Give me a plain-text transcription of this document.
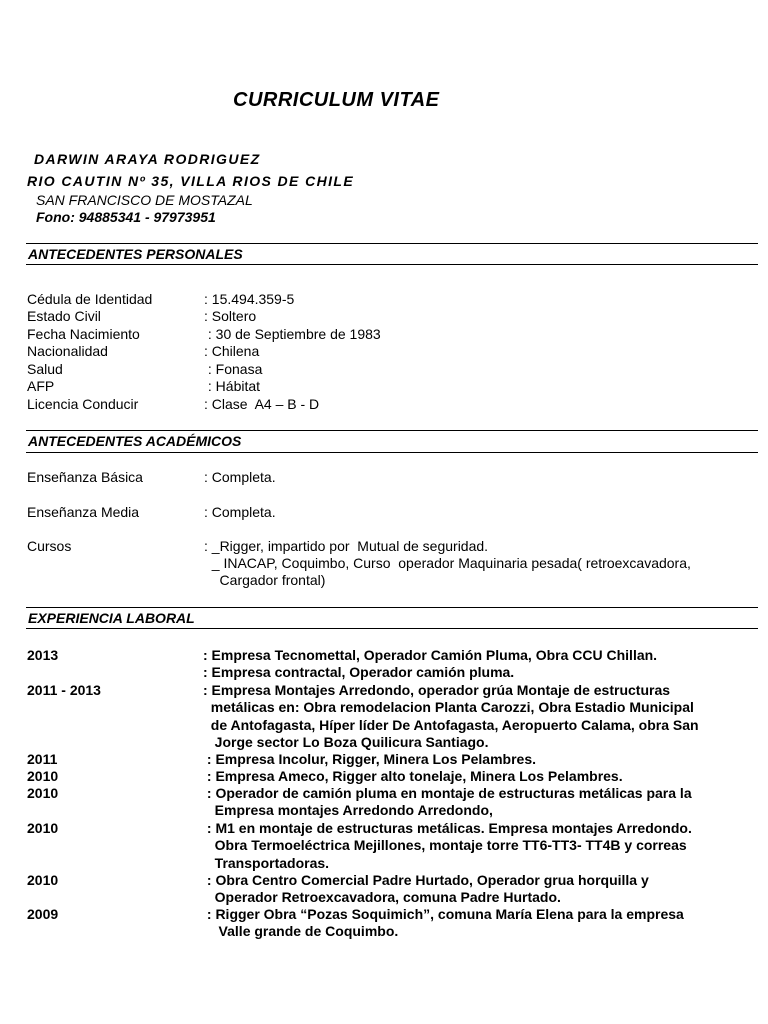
CURRICULUM VITAE
DARWIN ARAYA RODRIGUEZ
RIO CAUTIN Nº 35, VILLA RIOS DE CHILE
SAN FRANCISCO DE MOSTAZAL
Fono: 94885341 - 97973951
ANTECEDENTES PERSONALES
Cédula de Identidad	: 15.494.359-5
Estado Civil	: Soltero
Fecha Nacimiento	: 30 de Septiembre de 1983
Nacionalidad	: Chilena
Salud	: Fonasa
AFP	: Hábitat
Licencia Conducir	: Clase  A4 – B - D
ANTECEDENTES ACADÉMICOS
Enseñanza Básica	: Completa.
Enseñanza Media	: Completa.
Cursos	: _Rigger, impartido por  Mutual de seguridad.
_ INACAP, Coquimbo, Curso  operador Maquinaria pesada( retroexcavadora,
Cargador frontal)
EXPERIENCIA LABORAL
2013	: Empresa Tecnomettal, Operador Camión Pluma, Obra CCU Chillan.
: Empresa contractal, Operador camión pluma.
2011 - 2013	: Empresa Montajes Arredondo, operador grúa Montaje de estructuras
metálicas en: Obra remodelacion Planta Carozzi, Obra Estadio Municipal
de Antofagasta, Híper líder De Antofagasta, Aeropuerto Calama, obra San
Jorge sector Lo Boza Quilicura Santiago.
2011	: Empresa Incolur, Rigger, Minera Los Pelambres.
2010	: Empresa Ameco, Rigger alto tonelaje, Minera Los Pelambres.
2010	: Operador de camión pluma en montaje de estructuras metálicas para la
Empresa montajes Arredondo Arredondo,
2010	: M1 en montaje de estructuras metálicas. Empresa montajes Arredondo.
Obra Termoeléctrica Mejillones, montaje torre TT6-TT3- TT4B y correas
Transportadoras.
2010	: Obra Centro Comercial Padre Hurtado, Operador grua horquilla y
Operador Retroexcavadora, comuna Padre Hurtado.
2009	: Rigger Obra “Pozas Soquimich”, comuna María Elena para la empresa
Valle grande de Coquimbo.
